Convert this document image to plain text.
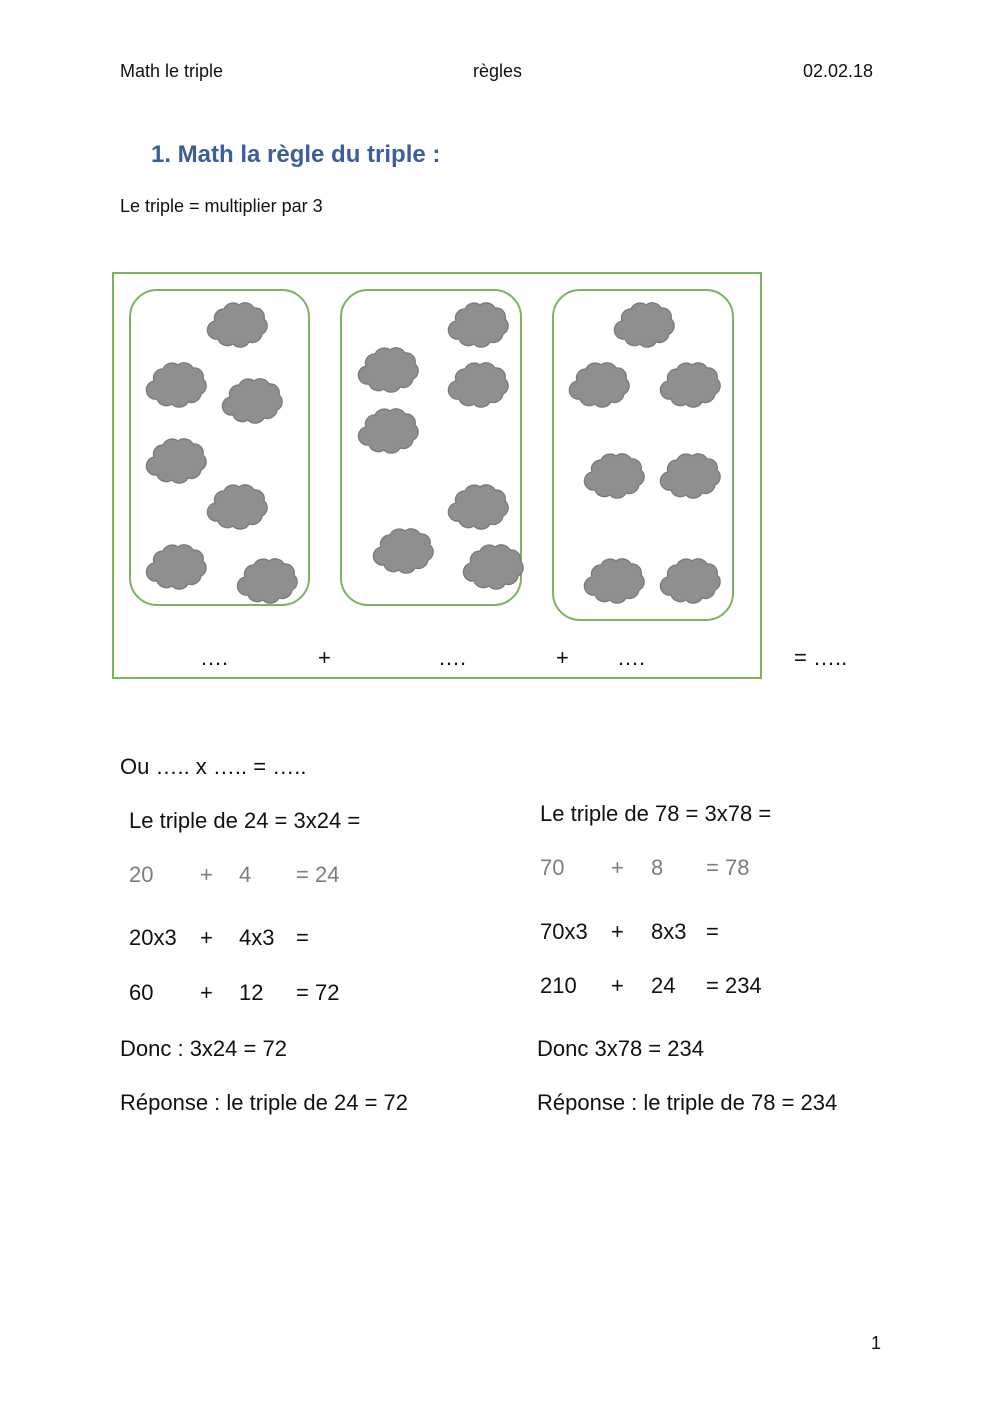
Math le triple	règles	02.02.18
1. Math la règle du triple :
Le triple = multiplier par 3
….	+	….	+ ….	= …..
Ou ….. x ….. = …..
Le triple de 24 = 3x24 =
20 + 4 = 24
20x3 + 4x3 =
60 + 12 = 72
Donc : 3x24 = 72
Réponse : le triple de 24 = 72
Le triple de 78 = 3x78 =
70 + 8 = 78
70x3 + 8x3 =
210 + 24 = 234
Donc 3x78 = 234
Réponse : le triple de 78 = 234
1
